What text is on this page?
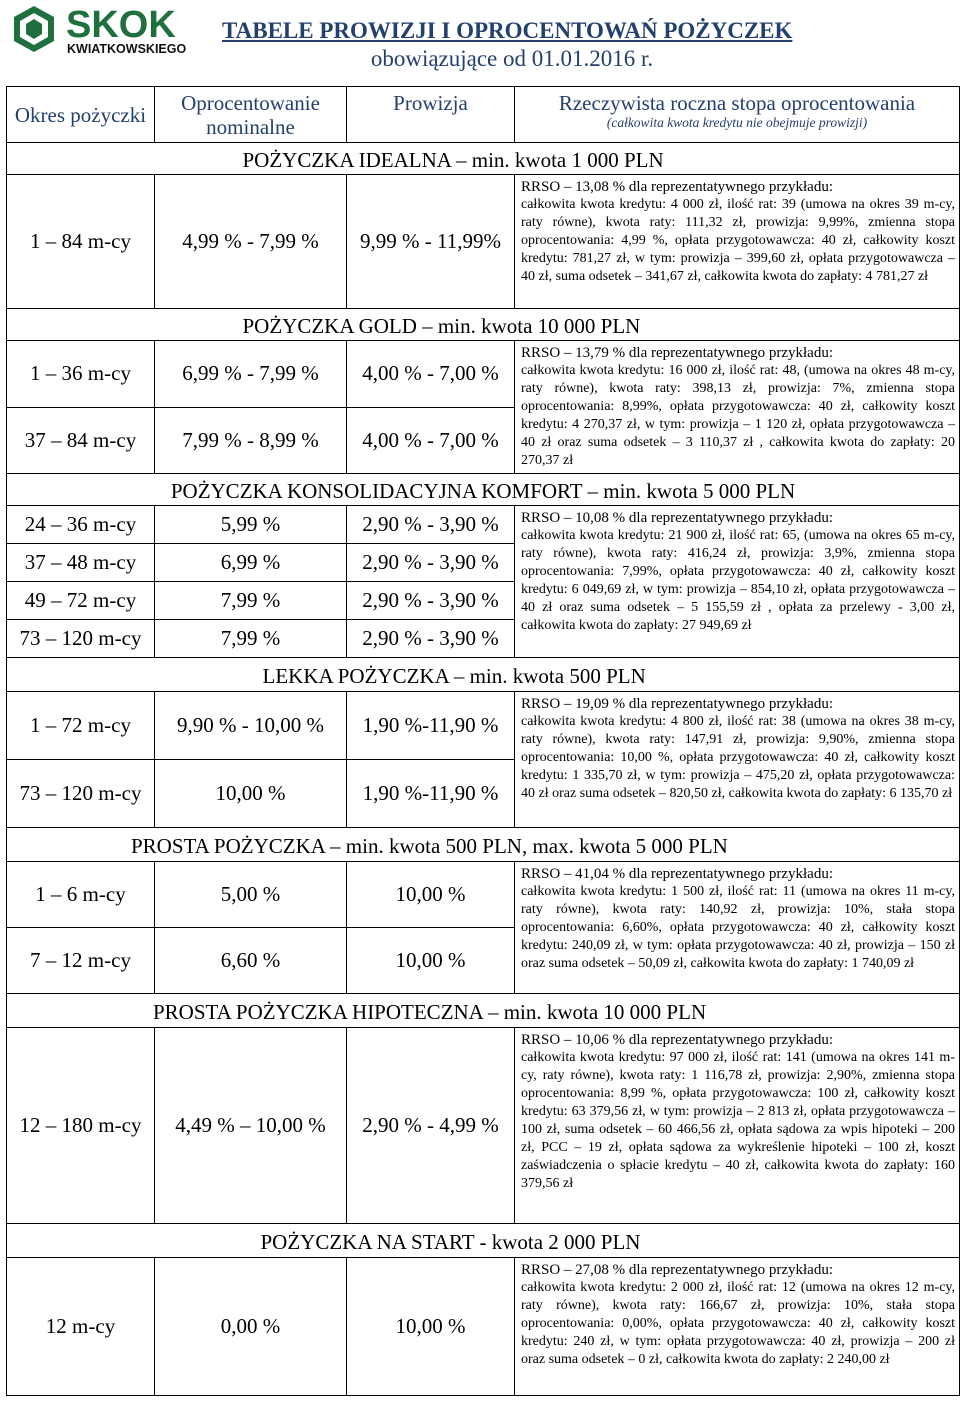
SKOK
KWIATKOWSKIEGO
TABELE PROWIZJI I OPROCENTOWAŃ POŻYCZEK
obowiązujące od 01.01.2016 r.
Okres pożyczki	Oprocentowanie nominalne	Prowizja	Rzeczywista roczna stopa oprocentowania
(całkowita kwota kredytu nie obejmuje prowizji)

	POŻYCZKA IDEALNA – min. kwota 1 000 PLN		
1 – 84 m-cy	4,99 % - 7,99 %	9,99 % - 11,99%	RRSO – 13,08 % dla reprezentatywnego przykładu:
całkowita kwota kredytu: 4 000 zł, ilość rat: 39 (umowa na okres 39 m-cy, raty równe), kwota raty: 111,32 zł, prowizja: 9,99%, zmienna stopa oprocentowania: 4,99 %, opłata przygotowawcza: 40 zł, całkowity koszt kredytu: 781,27 zł, w tym: prowizja – 399,60 zł, opłata przygotowawcza – 40 zł, suma odsetek – 341,67 zł, całkowita kwota do zapłaty: 4 781,27 zł

	POŻYCZKA GOLD – min. kwota 10 000 PLN		
1 – 36 m-cy	6,99 % - 7,99 %	4,00 % - 7,00 %	RRSO – 13,79 % dla reprezentatywnego przykładu:
całkowita kwota kredytu: 16 000 zł, ilość rat: 48, (umowa na okres 48 m-cy, raty równe), kwota raty: 398,13 zł, prowizja: 7%, zmienna stopa oprocentowania: 8,99%, opłata przygotowawcza: 40 zł, całkowity koszt kredytu: 4 270,37 zł, w tym: prowizja – 1 120 zł, opłata przygotowawcza – 40 zł oraz suma odsetek – 3 110,37 zł , całkowita kwota do zapłaty: 20 270,37 zł

37 – 84 m-cy	7,99 % - 8,99 %	4,00 % - 7,00 %	
POŻYCZKA KONSOLIDACYJNA KOMFORT – min. kwota 5 000 PLN			
24 – 36 m-cy	5,99 %	2,90 % - 3,90 %	RRSO – 10,08 % dla reprezentatywnego przykładu:
całkowita kwota kredytu: 21 900 zł, ilość rat: 65, (umowa na okres 65 m-cy, raty równe), kwota raty: 416,24 zł, prowizja: 3,9%, zmienna stopa oprocentowania: 7,99%, opłata przygotowawcza: 40 zł, całkowity koszt kredytu: 6 049,69 zł, w tym: prowizja – 854,10 zł, opłata przygotowawcza – 40 zł oraz suma odsetek – 5 155,59 zł , opłata za przelewy - 3,00 zł, całkowita kwota do zapłaty: 27 949,69 zł

37 – 48 m-cy	6,99 %	2,90 % - 3,90 %	
49 – 72 m-cy	7,99 %	2,90 % - 3,90 %	
73 – 120 m-cy	7,99 %	2,90 % - 3,90 %	
	LEKKA POŻYCZKA – min. kwota 500 PLN		
1 – 72 m-cy	9,90 % - 10,00 %	1,90 %-11,90 %	RRSO – 19,09 % dla reprezentatywnego przykładu:
całkowita kwota kredytu: 4 800 zł, ilość rat: 38 (umowa na okres 38 m-cy, raty równe), kwota raty: 147,91 zł, prowizja: 9,90%, zmienna stopa oprocentowania: 10,00 %, opłata przygotowawcza: 40 zł, całkowity koszt kredytu: 1 335,70 zł, w tym: prowizja – 475,20 zł, opłata przygotowawcza: 40 zł oraz suma odsetek – 820,50 zł, całkowita kwota do zapłaty: 6 135,70 zł

73 – 120 m-cy	10,00 %	1,90 %-11,90 %	
PROSTA POŻYCZKA – min. kwota 500 PLN, max. kwota 5 000 PLN			
1 – 6 m-cy	5,00 %	10,00 %	RRSO – 41,04 % dla reprezentatywnego przykładu:
całkowita kwota kredytu: 1 500 zł, ilość rat: 11 (umowa na okres 11 m-cy, raty równe), kwota raty: 140,92 zł, prowizja: 10%, stała stopa oprocentowania: 6,60%, opłata przygotowawcza: 40 zł, całkowity koszt kredytu: 240,09 zł, w tym: opłata przygotowawcza: 40 zł, prowizja – 150 zł oraz suma odsetek – 50,09 zł, całkowita kwota do zapłaty: 1 740,09 zł

7 – 12 m-cy	6,60 %	10,00 %	
PROSTA POŻYCZKA HIPOTECZNA – min. kwota 10 000 PLN			
12 – 180 m-cy	4,49 % – 10,00 %	2,90 % - 4,99 %	RRSO – 10,06 % dla reprezentatywnego przykładu:
całkowita kwota kredytu: 97 000 zł, ilość rat: 141 (umowa na okres 141 m-cy, raty równe), kwota raty: 1 116,78 zł, prowizja: 2,90%, zmienna stopa oprocentowania: 8,99 %, opłata przygotowawcza: 100 zł, całkowity koszt kredytu: 63 379,56 zł, w tym: prowizja – 2 813 zł, opłata przygotowawcza – 100 zł, suma odsetek – 60 466,56 zł, opłata sądowa za wpis hipoteki – 200 zł, PCC – 19 zł, opłata sądowa za wykreślenie hipoteki – 100 zł, koszt zaświadczenia o spłacie kredytu – 40 zł, całkowita kwota do zapłaty: 160 379,56 zł

	POŻYCZKA NA START - kwota 2 000 PLN		
12 m-cy	0,00 %	10,00 %	RRSO – 27,08 % dla reprezentatywnego przykładu:
całkowita kwota kredytu: 2 000 zł, ilość rat: 12 (umowa na okres 12 m-cy, raty równe), kwota raty: 166,67 zł, prowizja: 10%, stała stopa oprocentowania: 0,00%, opłata przygotowawcza: 40 zł, całkowity koszt kredytu: 240 zł, w tym: opłata przygotowawcza: 40 zł, prowizja – 200 zł oraz suma odsetek – 0 zł, całkowita kwota do zapłaty: 2 240,00 zł
